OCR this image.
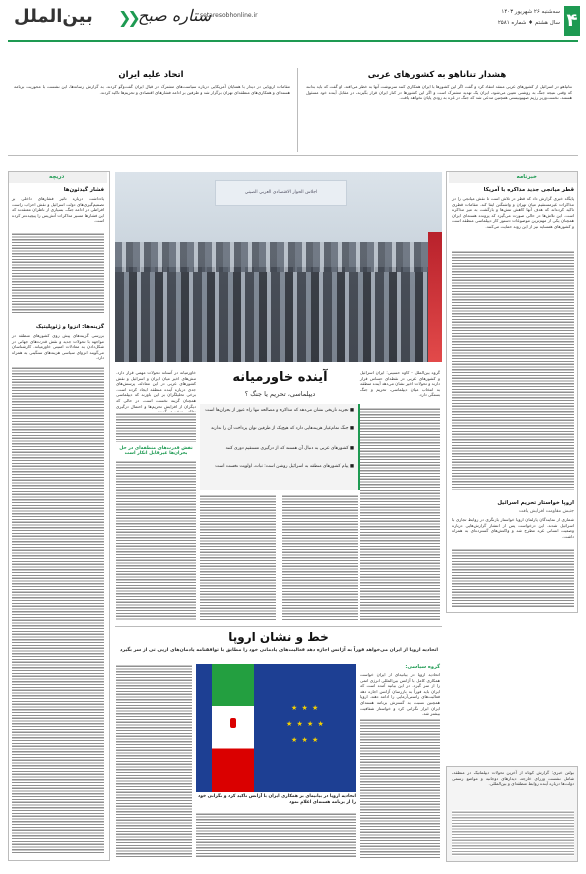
۴
سه‌شنبه ۲۶ شهریور ۱۴۰۳
سال هشتم ♦ شماره ۲۵۸۱
setaresobhonline.ir
ستاره صبح
❮❮
بین‌الملل
هشدار تناناهو به کشورهای عربی
نتانیاهو در اسرائیل از کشورهای عربی منتقد انتقاد کرد و گفت اگر این کشورها با ایران همکاری کنند سرنوشت آنها به خطر می‌افتد. او گفت که باید بدانند که وقتی نتیجه جنگ به روشنی تعیین می‌شود، ایران یک تهدید مشترک است و اگر این کشورها در کنار ایران قرار بگیرند، در مقابل آینده خود مسئول هستند. نخست‌وزیر رژیم صهیونیستی همچنین مدعی شد که جنگ در غزه به زودی پایان نخواهد یافت.
اتحاد علیه ایران
مقامات اروپایی در دیدار با همتایان آمریکایی درباره سیاست‌های مشترک در قبال ایران گفت‌وگو کردند. به گزارش رسانه‌ها، این نشست با محوریت برنامه هسته‌ای و همکاری‌های منطقه‌ای تهران برگزار شد و طرفین بر ادامه فشارهای اقتصادی و تحریم‌ها تاکید کردند.
دریچه
فشار گیدئون‌ها
یادداشت درباره تاثیر فشارهای داخلی بر تصمیم‌گیری‌های دولت اسرائیل و نقش احزاب راست افراطی در ادامه جنگ. بسیاری از ناظران معتقدند که این فشارها مسیر مذاکرات آتش‌بس را پیچیده‌تر کرده است.
گزینه‌ها: انزوا و ژئوپلیتیک
بررسی گزینه‌های پیش روی کشورهای منطقه در مواجهه با تحولات جدید و نقش قدرت‌های جهانی در شکل‌دادن به معادلات امنیتی خاورمیانه. کارشناسان می‌گویند انزوای سیاسی هزینه‌های سنگینی به همراه دارد.
خبرنامه
قطر میانجی جدید مذاکره با آمریکا
پایگاه خبری گزارش داد که قطر در تلاش است تا نقش میانجی را در مذاکرات غیرمستقیم میان تهران و واشنگتن ایفا کند. مقامات قطری تاکید کرده‌اند که هدف آنها کاهش تنش‌ها و بازگشت به میز مذاکره است. این تلاش‌ها در حالی صورت می‌گیرد که پرونده هسته‌ای ایران همچنان یکی از مهم‌ترین موضوعات دستور کار دیپلماسی منطقه است و کشورهای همسایه نیز از این روند حمایت می‌کنند.
اروپا خواستار تحریم اسرائیل
جنبش مقاومت افزایش یافت
شماری از نمایندگان پارلمان اروپا خواستار بازنگری در روابط تجاری با اسرائیل شدند. این درخواست پس از انتشار گزارش‌هایی درباره وضعیت انسانی غزه مطرح شد و واکنش‌های گسترده‌ای به همراه داشت.
بولتن خبری: گزارش کوتاه از آخرین تحولات دیپلماتیک در منطقه، شامل نشست وزرای خارجه، دیدارهای دوجانبه و مواضع رسمی دولت‌ها درباره آینده روابط منطقه‌ای و بین‌المللی.
اجلاس الحوار الاقتصادي العربي الصيني
آینده خاورمیانه
دیپلماسی، تحریم یا جنگ ؟
گروه بین‌الملل - کاوه حسینی: ایران اسرائیل و کشورهای عربی در نقطه‌ای حساس قرار دارند و تحولات اخیر نشان می‌دهد آینده منطقه به انتخاب میان دیپلماسی، تحریم و جنگ بستگی دارد.
■ تجربه تاریخی نشان می‌دهد که مذاکره و مصالحه تنها راه عبور از بحران‌ها است
■ جنگ تمام‌عیار هزینه‌هایی دارد که هیچ‌یک از طرفین توان پرداخت آن را ندارند
■ کشورهای عربی به دنبال آن هستند که از درگیری مستقیم دوری کنند
■ پیام کشورهای منطقه به اسرائیل روشن است: ثبات، اولویت نخست است
خاورمیانه در آستانه تحولات مهمی قرار دارد. تنش‌های اخیر میان ایران و اسرائیل و نقش کشورهای عربی در این معادله، پرسش‌های جدی درباره آینده منطقه ایجاد کرده است. برخی تحلیلگران بر این باورند که دیپلماسی همچنان گزینه نخست است، در حالی که دیگران از افزایش تحریم‌ها و احتمال درگیری
نقش قدرت‌های منطقه‌ای در حل بحران‌ها غیرقابل انکار است
خط و نشان اروپا
اتحادیه اروپا از ایران می‌خواهد فوراً به آژانس اجازه دهد فعالیت‌های پادمانی خود را مطابق با توافقنامه پادمان‌های ارپی تی از سر بگیرد
★ ★ ★
★ ★ ★ ★
★ ★ ★
اتحادیه اروپا در بیانیه‌ای بر همکاری ایران با آژانس تاکید کرد و نگرانی خود را از برنامه هسته‌ای اعلام نمود
گروه سیاسی:
اتحادیه اروپا در بیانیه‌ای از ایران خواست همکاری کامل با آژانس بین‌المللی انرژی اتمی را از سر گیرد. در این بیانیه آمده است که ایران باید فوراً به بازرسان آژانس اجازه دهد فعالیت‌های راستی‌آزمایی را ادامه دهند. اروپا همچنین نسبت به گسترش برنامه هسته‌ای ایران ابراز نگرانی کرد و خواستار شفافیت بیشتر شد.
